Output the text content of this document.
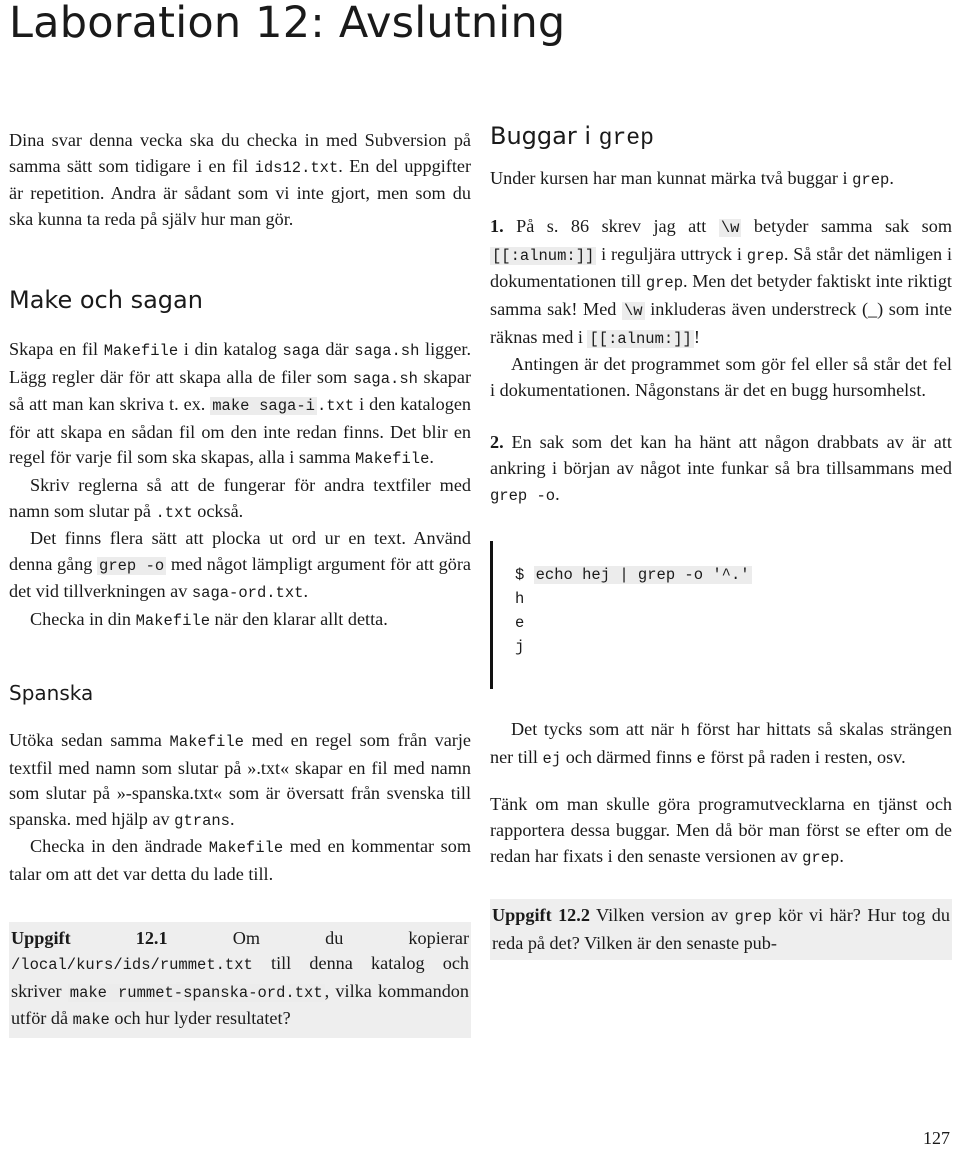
Laboration 12: Avslutning

Dina svar denna vecka ska du checka in med Subversion på samma sätt som tidigare i en fil ids12.txt. En del uppgifter är repetition. Andra är sådant som vi inte gjort, men som du ska kunna ta reda på själv hur man gör.

Make och sagan

Skapa en fil Makefile i din katalog saga där saga.sh ligger. Lägg regler där för att skapa alla de filer som saga.sh skapar så att man kan skriva t. ex. make saga-i .txt i den katalogen för att skapa en sådan fil om den inte redan finns. Det blir en regel för varje fil som ska skapas, alla i samma Makefile.

Skriv reglerna så att de fungerar för andra textfiler med namn som slutar på .txt också.

Det finns flera sätt att plocka ut ord ur en text. Använd denna gång grep -o med något lämpligt argument för att göra det vid tillverkningen av saga-ord.txt.

Checka in din Makefile när den klarar allt detta.

Spanska

Utöka sedan samma Makefile med en regel som från varje textfil med namn som slutar på ».txt« skapar en fil med namn som slutar på »-spanska.txt« som är översatt från svenska till spanska. med hjälp av gtrans.

Checka in den ändrade Makefile med en kommentar som talar om att det var detta du lade till.

Uppgift 12.1 Om du kopierar /local/kurs/ids/rummet.txt till denna katalog och skriver make rummet-spanska-ord.txt , vilka kommandon utför då make och hur lyder resultatet?

Buggar i grep

Under kursen har man kunnat märka två buggar i grep.

1. På s. 86 skrev jag att \w betyder samma sak som [[:alnum:]] i reguljära uttryck i grep. Så står det nämligen i dokumentationen till grep. Men det betyder faktiskt inte riktigt samma sak! Med \w inkluderas även understreck (_) som inte räknas med i [[:alnum:]] !

Antingen är det programmet som gör fel eller så står det fel i dokumentationen. Någonstans är det en bugg hursomhelst.

2. En sak som det kan ha hänt att någon drabbats av är att ankring i början av något inte funkar så bra tillsammans med grep -o.

$ echo hej | grep -o '^.'
h
e
j

Det tycks som att när h först har hittats så skalas strängen ner till ej och därmed finns e först på raden i resten, osv.

Tänk om man skulle göra programutvecklarna en tjänst och rapportera dessa buggar. Men då bör man först se efter om de redan har fixats i den senaste versionen av grep.

Uppgift 12.2 Vilken version av grep kör vi här? Hur tog du reda på det? Vilken är den senaste pub-

127
